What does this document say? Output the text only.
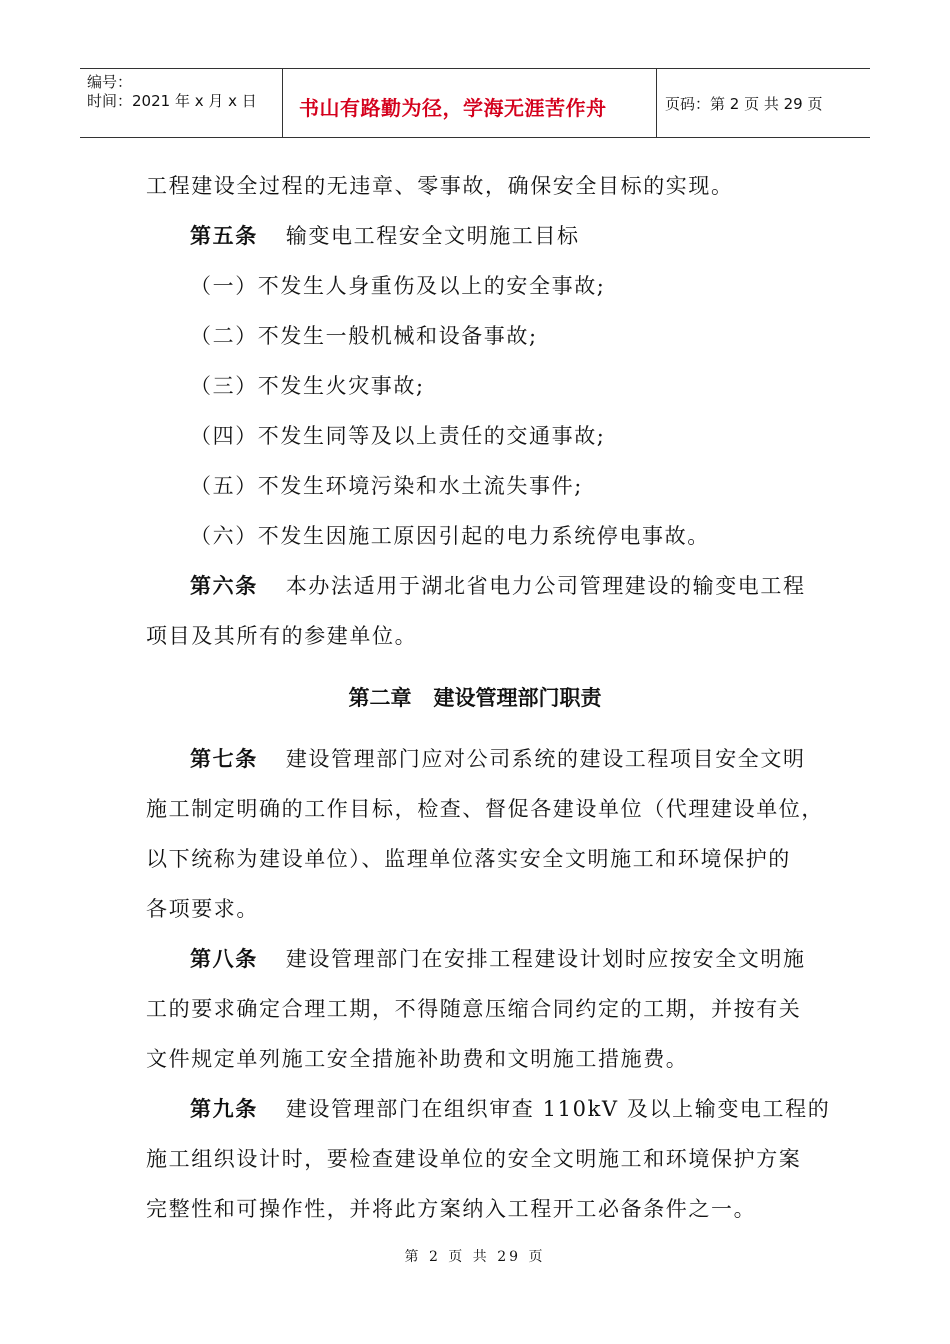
编号：
时间：2021 年 x 月 x 日	书山有路勤为径，学海无涯苦作舟	页码：第 2 页 共 29 页
工程建设全过程的无违章、零事故，确保安全目标的实现。
第五条 输变电工程安全文明施工目标
（一）不发生人身重伤及以上的安全事故;
（二）不发生一般机械和设备事故;
（三）不发生火灾事故;
（四）不发生同等及以上责任的交通事故;
（五）不发生环境污染和水土流失事件;
（六）不发生因施工原因引起的电力系统停电事故。
第六条 本办法适用于湖北省电力公司管理建设的输变电工程
项目及其所有的参建单位。
第二章 建设管理部门职责
第七条 建设管理部门应对公司系统的建设工程项目安全文明
施工制定明确的工作目标，检查、督促各建设单位（代理建设单位，
以下统称为建设单位）、监理单位落实安全文明施工和环境保护的
各项要求。
第八条 建设管理部门在安排工程建设计划时应按安全文明施
工的要求确定合理工期，不得随意压缩合同约定的工期，并按有关
文件规定单列施工安全措施补助费和文明施工措施费。
第九条 建设管理部门在组织审查 110kV 及以上输变电工程的
施工组织设计时，要检查建设单位的安全文明施工和环境保护方案
完整性和可操作性，并将此方案纳入工程开工必备条件之一。
第 2 页 共 29 页
